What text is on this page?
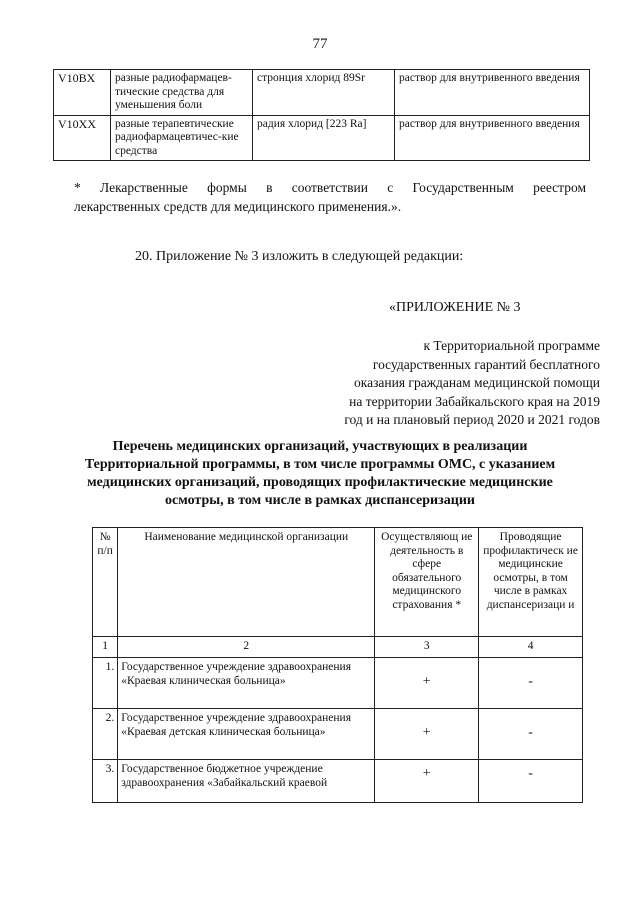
77
V10BX	разные радиофармацев-тические средства для уменьшения боли	стронция хлорид 89Sr	раствор для внутривенного введения
V10XX	разные терапевтические радиофармацевтичес-кие средства	радия хлорид [223 Ra]	раствор для внутривенного введения
* Лекарственные формы в соответствии с Государственным реестром
лекарственных средств для медицинского применения.».
20. Приложение № 3 изложить в следующей редакции:
«ПРИЛОЖЕНИЕ № 3
к Территориальной программе
государственных гарантий бесплатного
оказания гражданам медицинской помощи
на территории Забайкальского края на 2019
год и на плановый период 2020 и 2021 годов
Перечень медицинских организаций, участвующих в реализации
Территориальной программы, в том числе программы ОМС, с указанием
медицинских организаций, проводящих профилактические медицинские
осмотры, в том числе в рамках диспансеризации
№ п/п	Наименование медицинской организации	Осуществляющ ие деятельность в сфере обязательного медицинского страхования *	Проводящие профилактическ ие медицинские осмотры, в том числе в рамках диспансеризаци и
1	2	3	4
1.	Государственное учреждение здравоохранения «Краевая клиническая больница»	+	-

2.	Государственное учреждение здравоохранения «Краевая детская клиническая больница»	+	-

3.	Государственное бюджетное учреждение здравоохранения «Забайкальский краевой	+	-
